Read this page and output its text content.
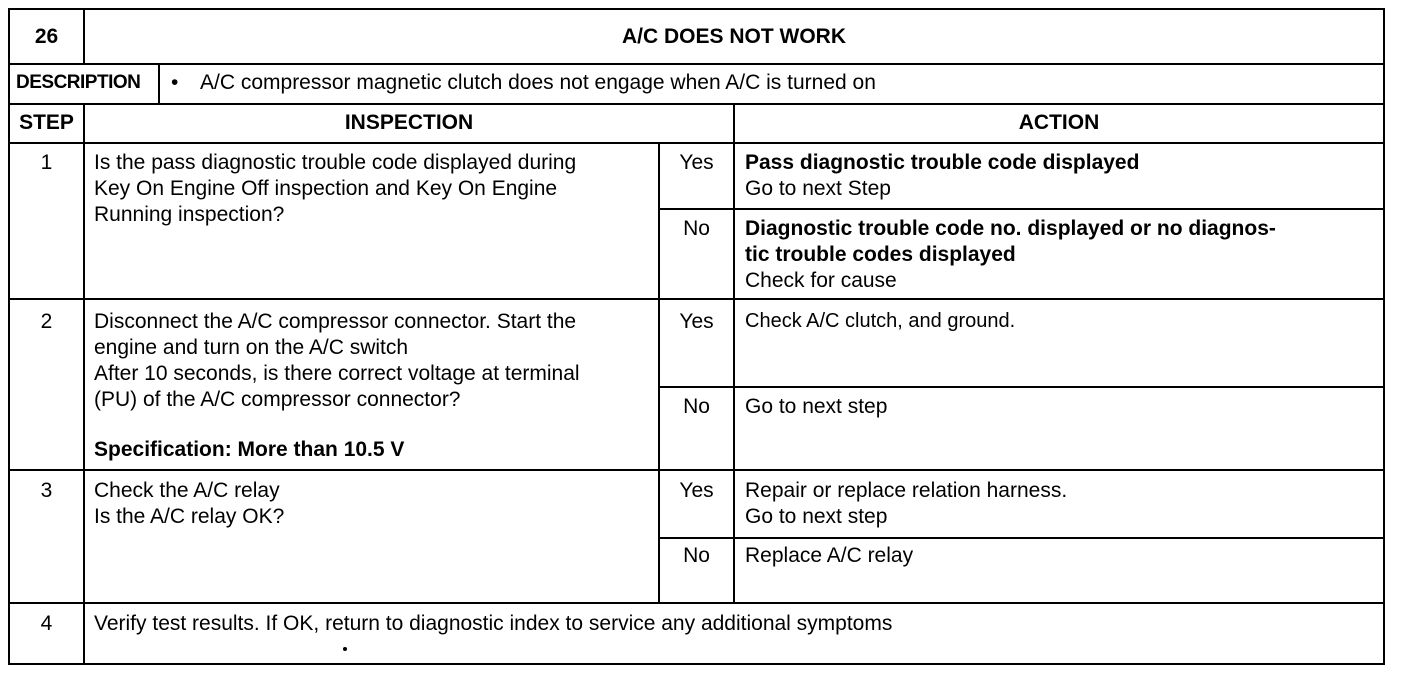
26	A/C DOES NOT WORK
DESCRIPTION • A/C compressor magnetic clutch does not engage when A/C is turned on
STEP	INSPECTION	ACTION
1	Is the pass diagnostic trouble code displayed during
Key On Engine Off inspection and Key On Engine
Running inspection?
Yes	Pass diagnostic trouble code displayed
Go to next Step
No	Diagnostic trouble code no. displayed or no diagnos-
tic trouble codes displayed
Check for cause
2	Disconnect the A/C compressor connector. Start the
engine and turn on the A/C switch
After 10 seconds, is there correct voltage at terminal
(PU) of the A/C compressor connector?
Specification: More than 10.5 V
Yes	Check A/C clutch, and ground.
No	Go to next step
3	Check the A/C relay
Is the A/C relay OK?
Yes	Repair or replace relation harness.
Go to next step
No	Replace A/C relay
4	Verify test results. If OK, return to diagnostic index to service any additional symptoms
